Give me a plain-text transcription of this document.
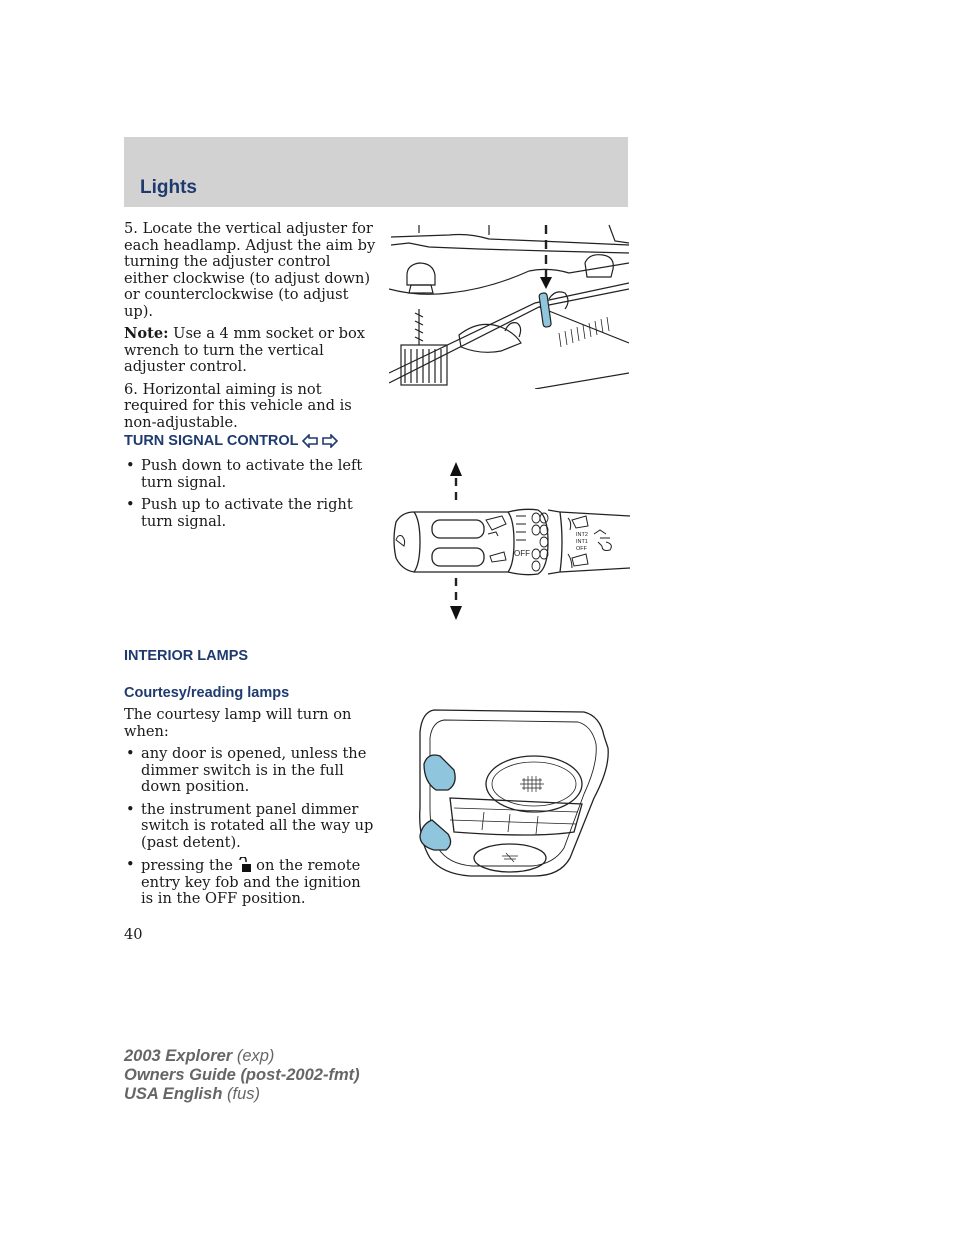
Lights

5. Locate the vertical adjuster for each headlamp. Adjust the aim by turning the adjuster control either clockwise (to adjust down) or counterclockwise (to adjust up).

Note: Use a 4 mm socket or box wrench to turn the vertical adjuster control.

6. Horizontal aiming is not required for this vehicle and is non-adjustable.

TURN SIGNAL CONTROL
• Push down to activate the left turn signal.
• Push up to activate the right turn signal.
OFF
INT2
INT1
OFF
INTERIOR LAMPS
Courtesy/reading lamps

The courtesy lamp will turn on when:

• any door is opened, unless the dimmer switch is in the full down position.
• the instrument panel dimmer switch is rotated all the way up (past detent).
• pressing the  on the remote entry key fob and the ignition is in the OFF position.
40
2003 Explorer (exp)
Owners Guide (post-2002-fmt)
USA English (fus)
